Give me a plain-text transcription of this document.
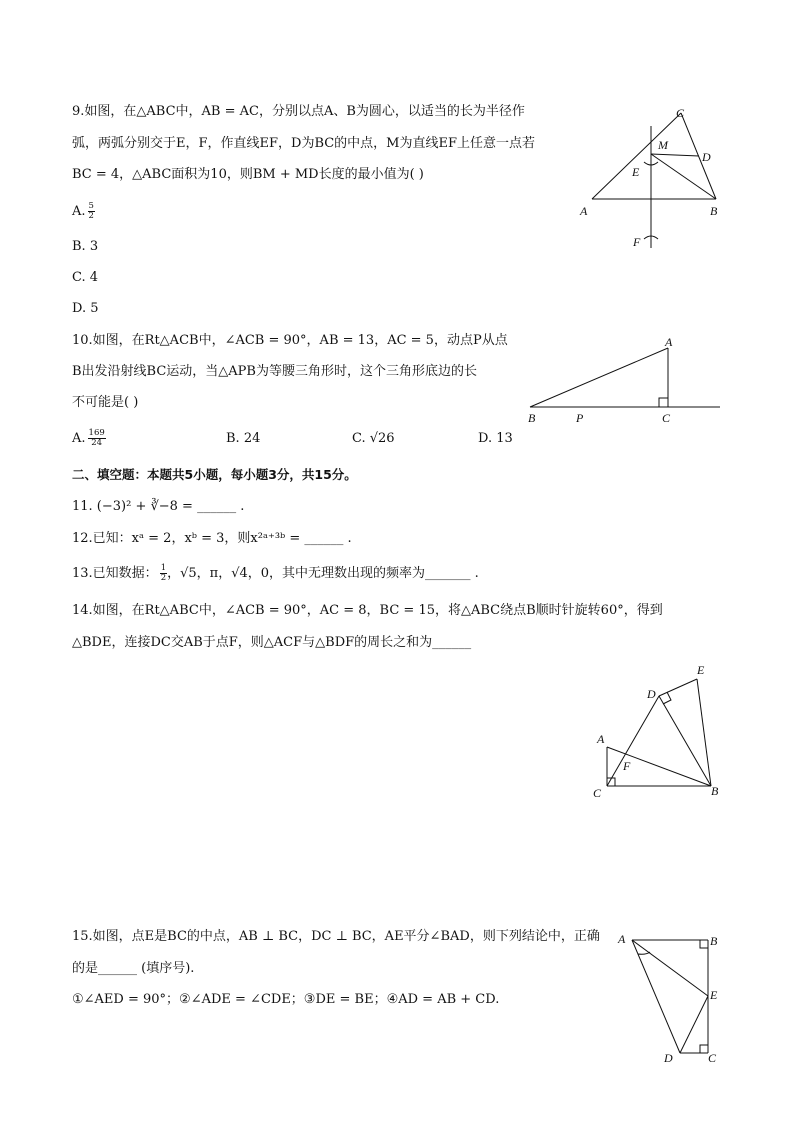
9.如图，在△ABC中，AB = AC，分别以点A、B为圆心，以适当的长为半径作
弧，两弧分别交于E，F，作直线EF，D为BC的中点，M为直线EF上任意一点若
BC = 4，△ABC面积为10，则BM + MD长度的最小值为( )
A. $\frac{5}{2}$
B. 3
C. 4
D. 5
C
M
D
E
A	B
F
10.如图，在Rt△ACB中，∠ACB = 90°，AB = 13，AC = 5，动点P从点
B出发沿射线BC运动，当△APB为等腰三角形时，这个三角形底边的长
不可能是( )
A. $\frac{169}{24}$	B. 24	C. √26	D. 13
A
B	P	C
二、填空题：本题共5小题，每小题3分，共15分。
11. (−3)² + ∛−8 = ______ .
12.已知：xᵃ = 2，xᵇ = 3，则x²ᵃ⁺³ᵇ = ______ .
13.已知数据： $\frac{1}{2}$ ，√5，π，√4，0，其中无理数出现的频率为_______ .
14.如图，在Rt△ABC中，∠ACB = 90°，AC = 8，BC = 15，将△ABC绕点B顺时针旋转60°，得到
△BDE，连接DC交AB于点F，则△ACF与△BDF的周长之和为______
E
D
A
F
C	B
15.如图，点E是BC的中点，AB ⊥ BC，DC ⊥ BC，AE平分∠BAD，则下列结论中，正确
的是______ (填序号).
①∠AED = 90°；②∠ADE = ∠CDE；③DE = BE；④AD = AB + CD.
A	B
E
D	C
